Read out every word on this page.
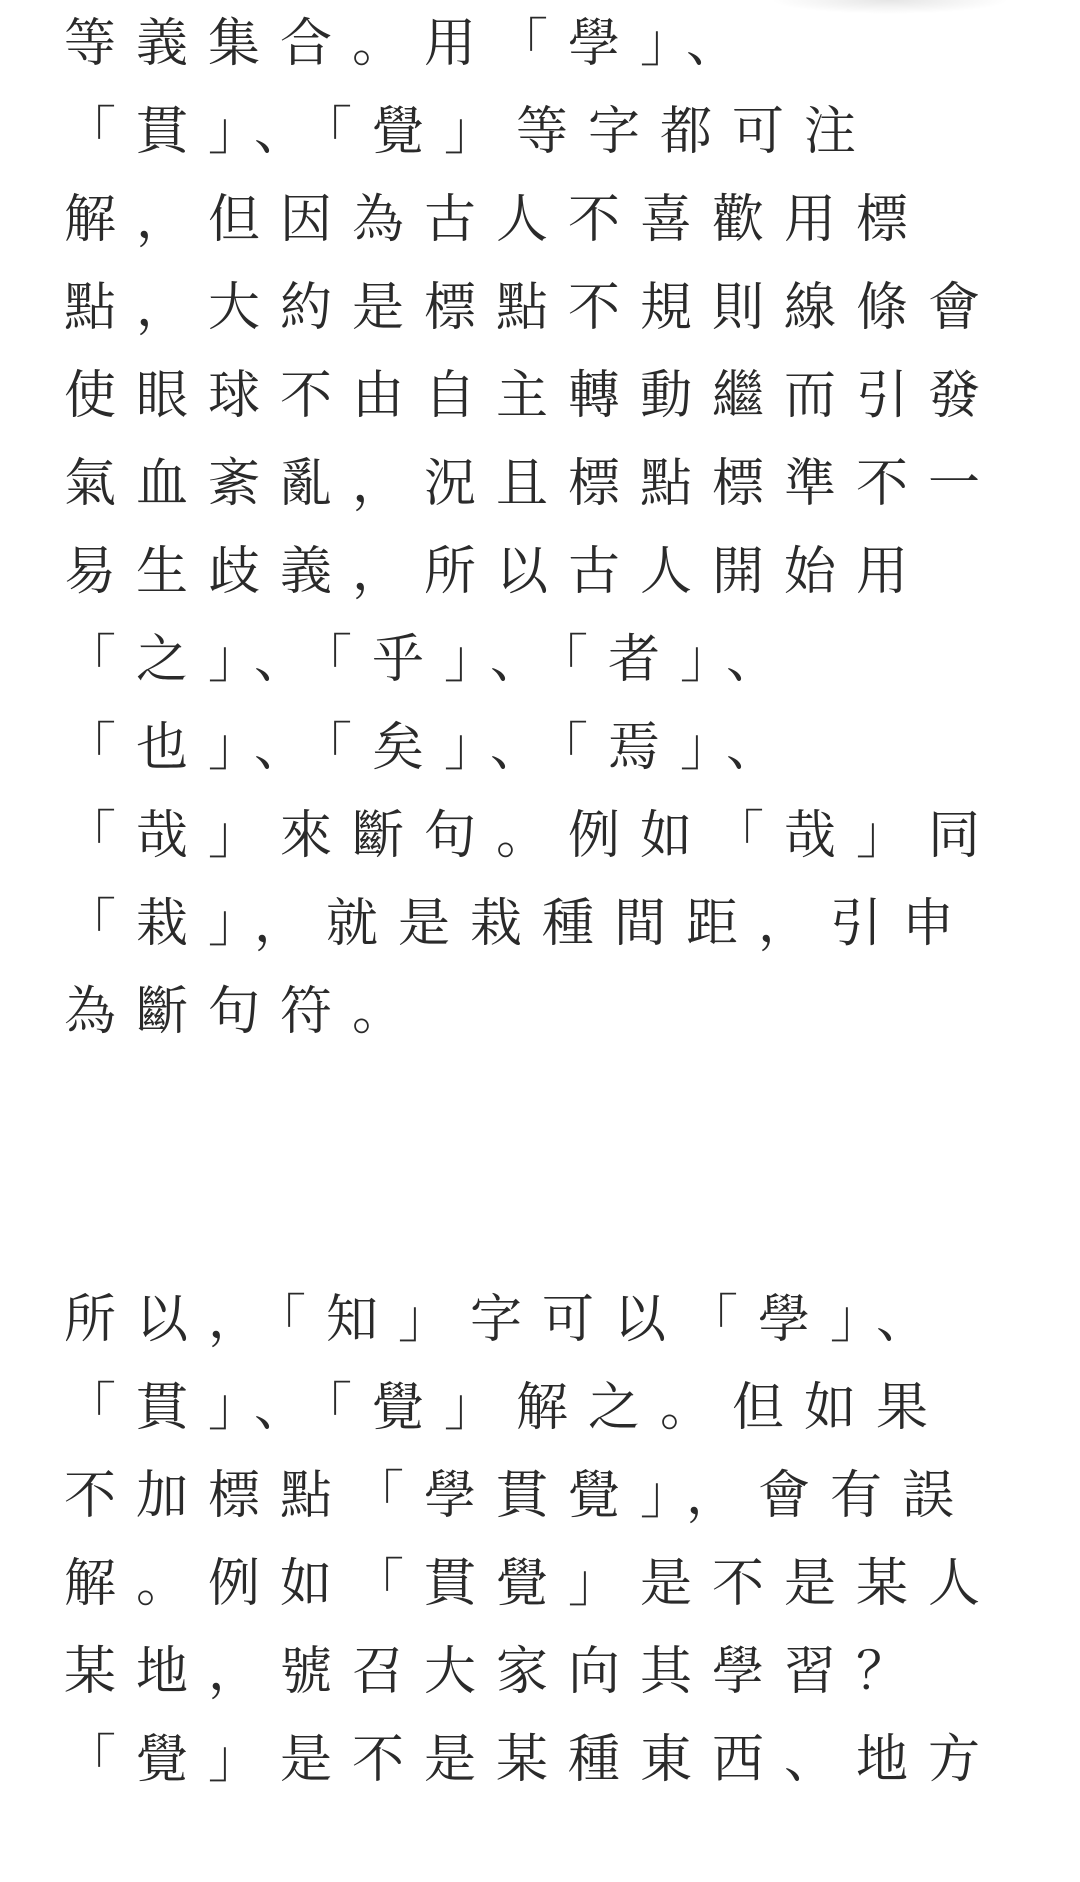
等義集合。用「學」、
「貫」、「覺」等字都可注
解，但因為古人不喜歡用標
點，大約是標點不規則線條會
使眼球不由自主轉動繼而引發
氣血紊亂，況且標點標準不一
易生歧義，所以古人開始用
「之」、「乎」、「者」、
「也」、「矣」、「焉」、
「哉」來斷句。例如「哉」同
「栽」，就是栽種間距，引申
為斷句符。
所以，「知」字可以「學」、
「貫」、「覺」解之。但如果
不加標點「學貫覺」，會有誤
解。例如「貫覺」是不是某人
某地，號召大家向其學習？
「覺」是不是某種東西、地方
